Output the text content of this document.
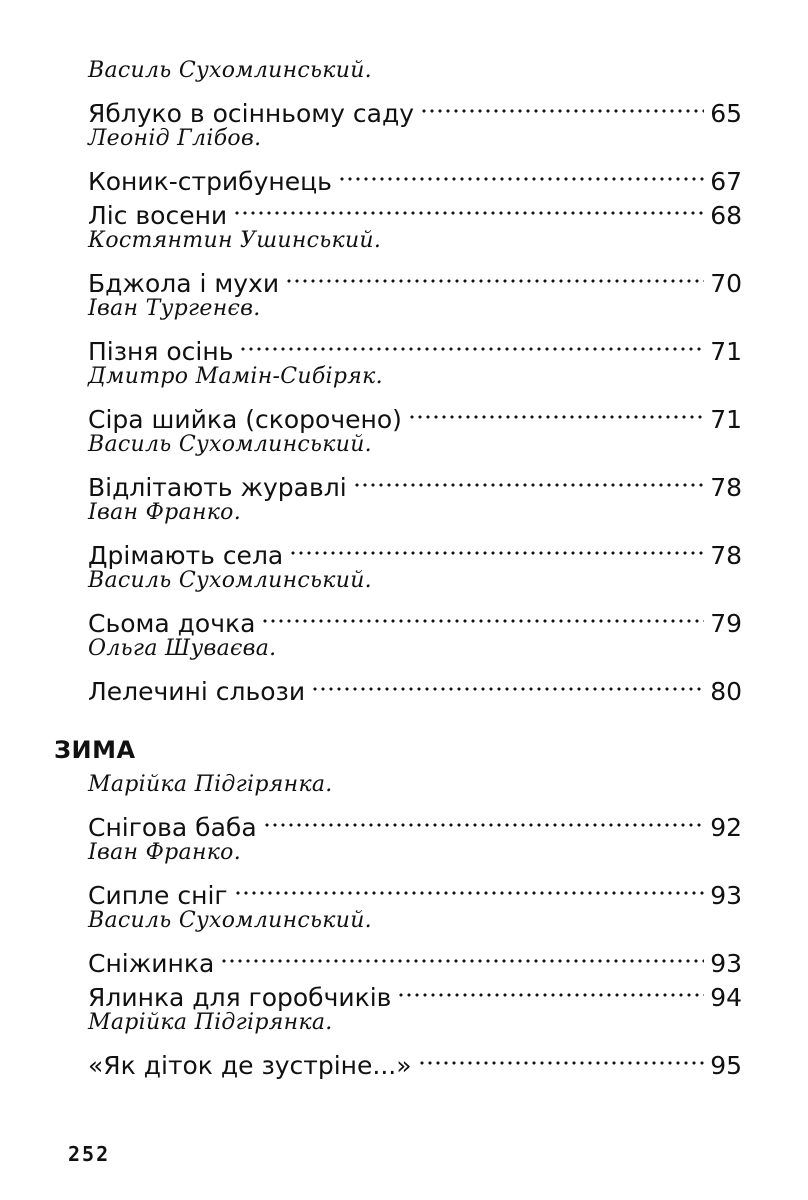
Василь Сухомлинський.
Яблуко в осінньому саду	65
Леонід Глібов.
Коник-стрибунець	67
Ліс восени	68
Костянтин Ушинський.
Бджола і мухи	70
Іван Тургенєв.
Пізня осінь	71
Дмитро Мамін-Сибіряк.
Сіра шийка (скорочено)	71
Василь Сухомлинський.
Відлітають журавлі	78
Іван Франко.
Дрімають села	78
Василь Сухомлинський.
Сьома дочка	79
Ольга Шуваєва.
Лелечині сльози	80
ЗИМА
Марійка Підгірянка.
Снігова баба	92
Іван Франко.
Сипле сніг	93
Василь Сухомлинський.
Сніжинка	93
Ялинка для горобчиків	94
Марійка Підгірянка.
«Як діток де зустріне...»	95
252
